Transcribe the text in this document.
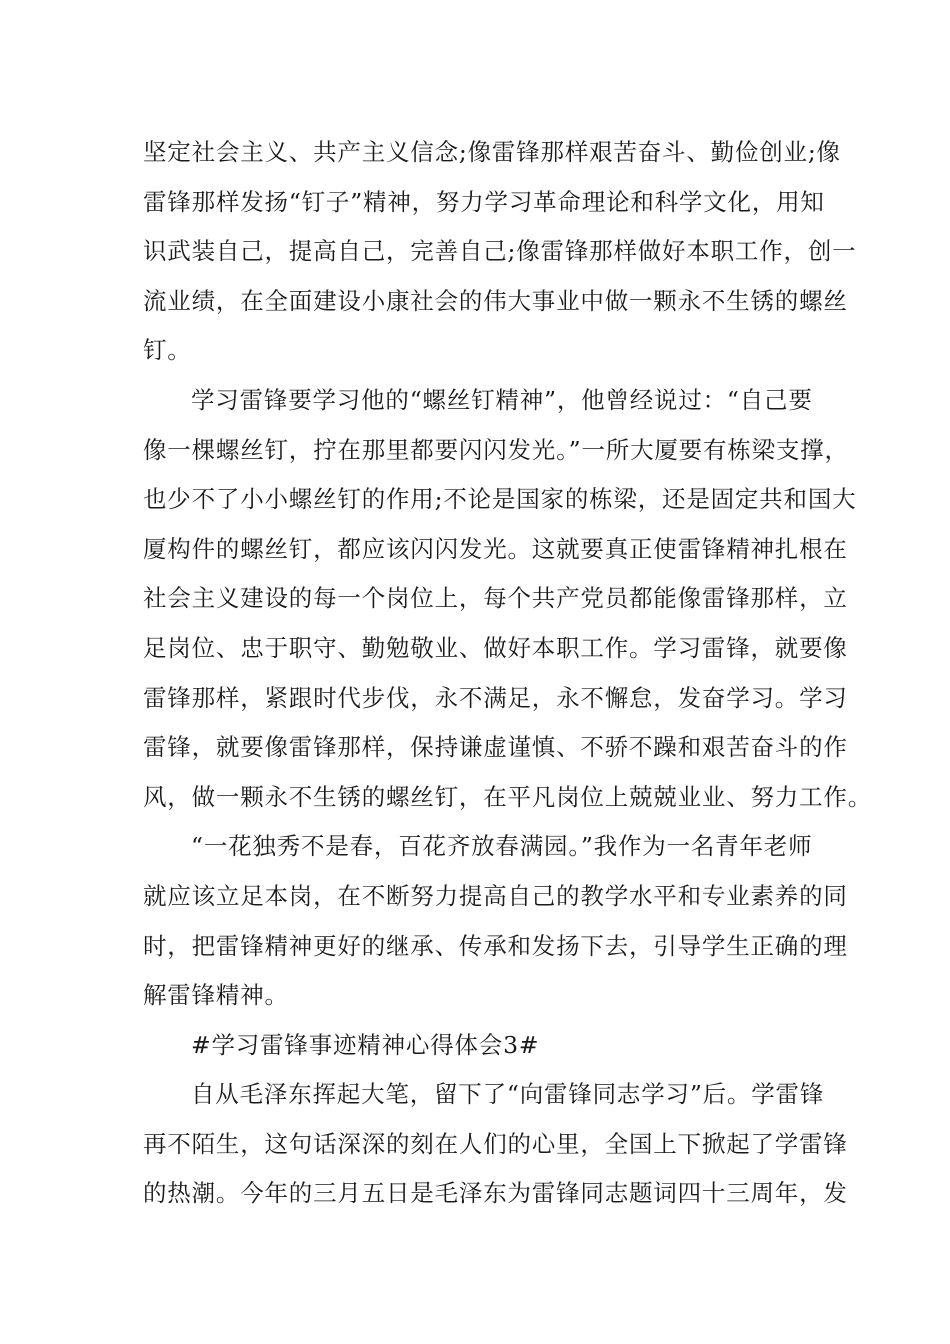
坚定社会主义、共产主义信念;像雷锋那样艰苦奋斗、勤俭创业;像
雷锋那样发扬“钉子”精神，努力学习革命理论和科学文化，用知
识武装自己，提高自己，完善自己;像雷锋那样做好本职工作，创一
流业绩，在全面建设小康社会的伟大事业中做一颗永不生锈的螺丝
钉。
学习雷锋要学习他的“螺丝钉精神”，他曾经说过：“自己要
像一棵螺丝钉，拧在那里都要闪闪发光。”一所大厦要有栋梁支撑，
也少不了小小螺丝钉的作用;不论是国家的栋梁，还是固定共和国大
厦构件的螺丝钉，都应该闪闪发光。这就要真正使雷锋精神扎根在
社会主义建设的每一个岗位上，每个共产党员都能像雷锋那样，立
足岗位、忠于职守、勤勉敬业、做好本职工作。学习雷锋，就要像
雷锋那样，紧跟时代步伐，永不满足，永不懈怠，发奋学习。学习
雷锋，就要像雷锋那样，保持谦虚谨慎、不骄不躁和艰苦奋斗的作
风，做一颗永不生锈的螺丝钉，在平凡岗位上兢兢业业、努力工作。
“一花独秀不是春，百花齐放春满园。”我作为一名青年老师
就应该立足本岗，在不断努力提高自己的教学水平和专业素养的同
时，把雷锋精神更好的继承、传承和发扬下去，引导学生正确的理
解雷锋精神。
#学习雷锋事迹精神心得体会3#
自从毛泽东挥起大笔，留下了“向雷锋同志学习”后。学雷锋
再不陌生，这句话深深的刻在人们的心里，全国上下掀起了学雷锋
的热潮。今年的三月五日是毛泽东为雷锋同志题词四十三周年，发
